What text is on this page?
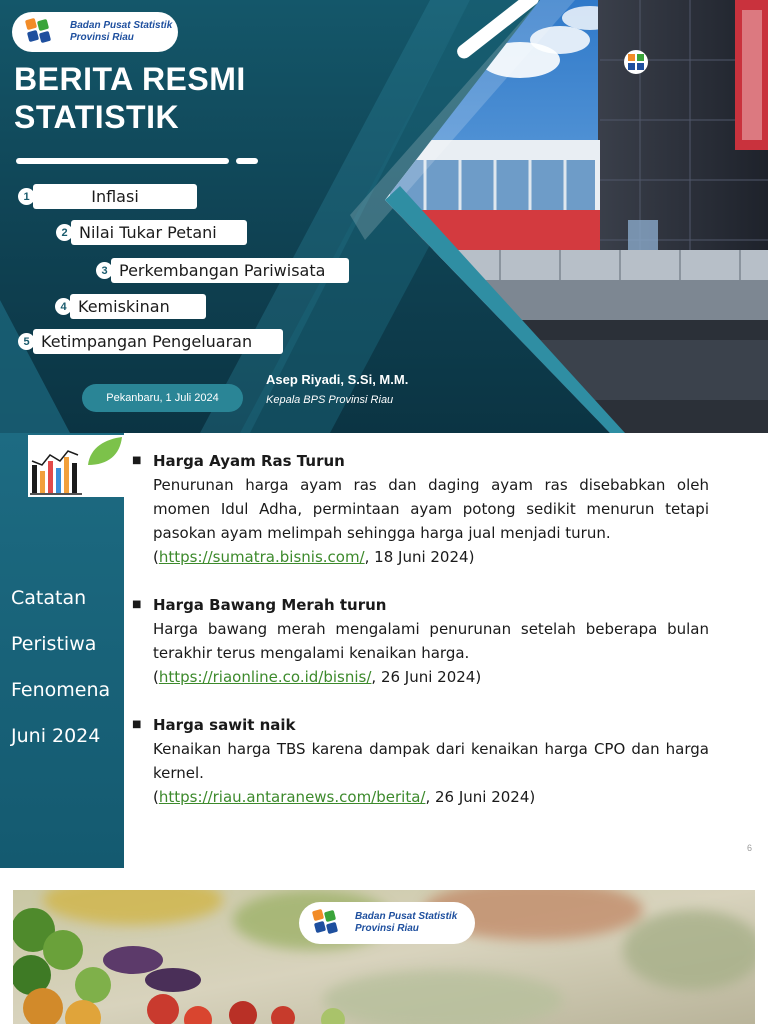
Badan Pusat Statistik
Provinsi Riau
BERITA RESMI
STATISTIK
1	Inflasi
2 Nilai Tukar Petani
3 Perkembangan Pariwisata
4 Kemiskinan
5 Ketimpangan Pengeluaran
Pekanbaru, 1 Juli 2024
Asep Riyadi, S.Si, M.M.
Kepala BPS Provinsi Riau
Catatan
Peristiwa
Fenomena
Juni 2024
■ Harga Ayam Ras Turun
Penurunan harga ayam ras dan daging ayam ras disebabkan oleh momen Idul Adha, permintaan ayam potong sedikit menurun tetapi pasokan ayam melimpah sehingga harga jual menjadi turun.
(https://sumatra.bisnis.com/, 18 Juni 2024)
■ Harga Bawang Merah turun
Harga bawang merah mengalami penurunan setelah beberapa bulan terakhir terus mengalami kenaikan harga.
(https://riaonline.co.id/bisnis/, 26 Juni 2024)
■ Harga sawit naik
Kenaikan harga TBS karena dampak dari kenaikan harga CPO dan harga kernel.
(https://riau.antaranews.com/berita/, 26 Juni 2024)
6
Badan Pusat Statistik
Provinsi Riau
